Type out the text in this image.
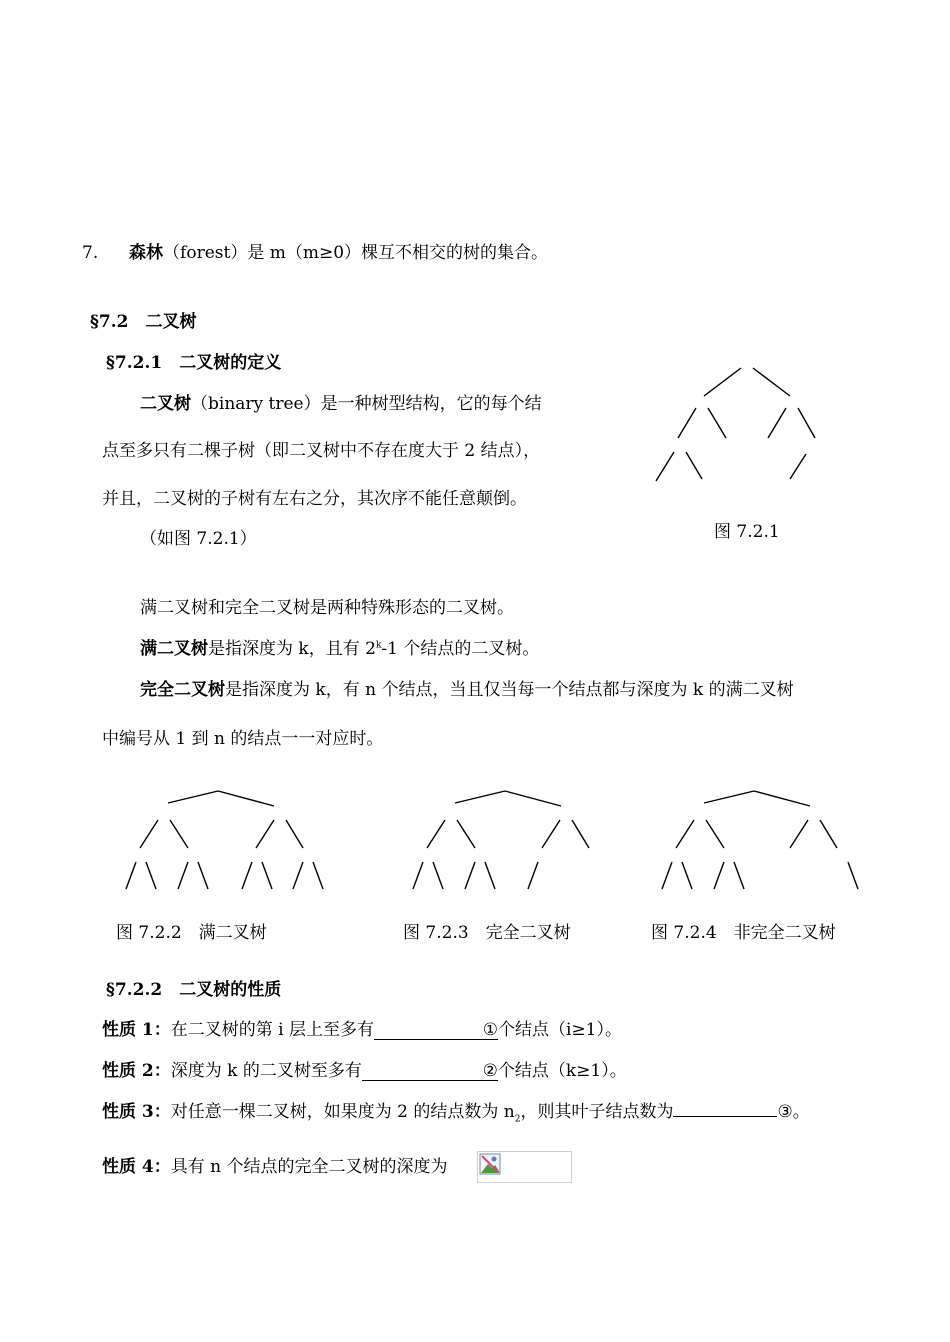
7. 森林（forest）是 m（m≥0）棵互不相交的树的集合。
§7.2　二叉树
§7.2.1　二叉树的定义
二叉树（binary tree）是一种树型结构，它的每个结
点至多只有二棵子树（即二叉树中不存在度大于 2 结点），
并且，二叉树的子树有左右之分，其次序不能任意颠倒。
（如图 7.2.1）	图 7.2.1
满二叉树和完全二叉树是两种特殊形态的二叉树。
满二叉树是指深度为 k，且有 2$^k$-1 个结点的二叉树。
完全二叉树是指深度为 k，有 n 个结点，当且仅当每一个结点都与深度为 k 的满二叉树
中编号从 1 到 n 的结点一一对应时。
图 7.2.2　满二叉树	图 7.2.3　完全二叉树	图 7.2.4　非完全二叉树
§7.2.2　二叉树的性质
性质 1：在二叉树的第 i 层上至多有	①个结点（i≥1）。
性质 2：深度为 k 的二叉树至多有	②个结点（k≥1）。
性质 3：对任意一棵二叉树，如果度为 2 的结点数为 $n_2$，则其叶子结点数为	③。
性质 4：具有 n 个结点的完全二叉树的深度为
